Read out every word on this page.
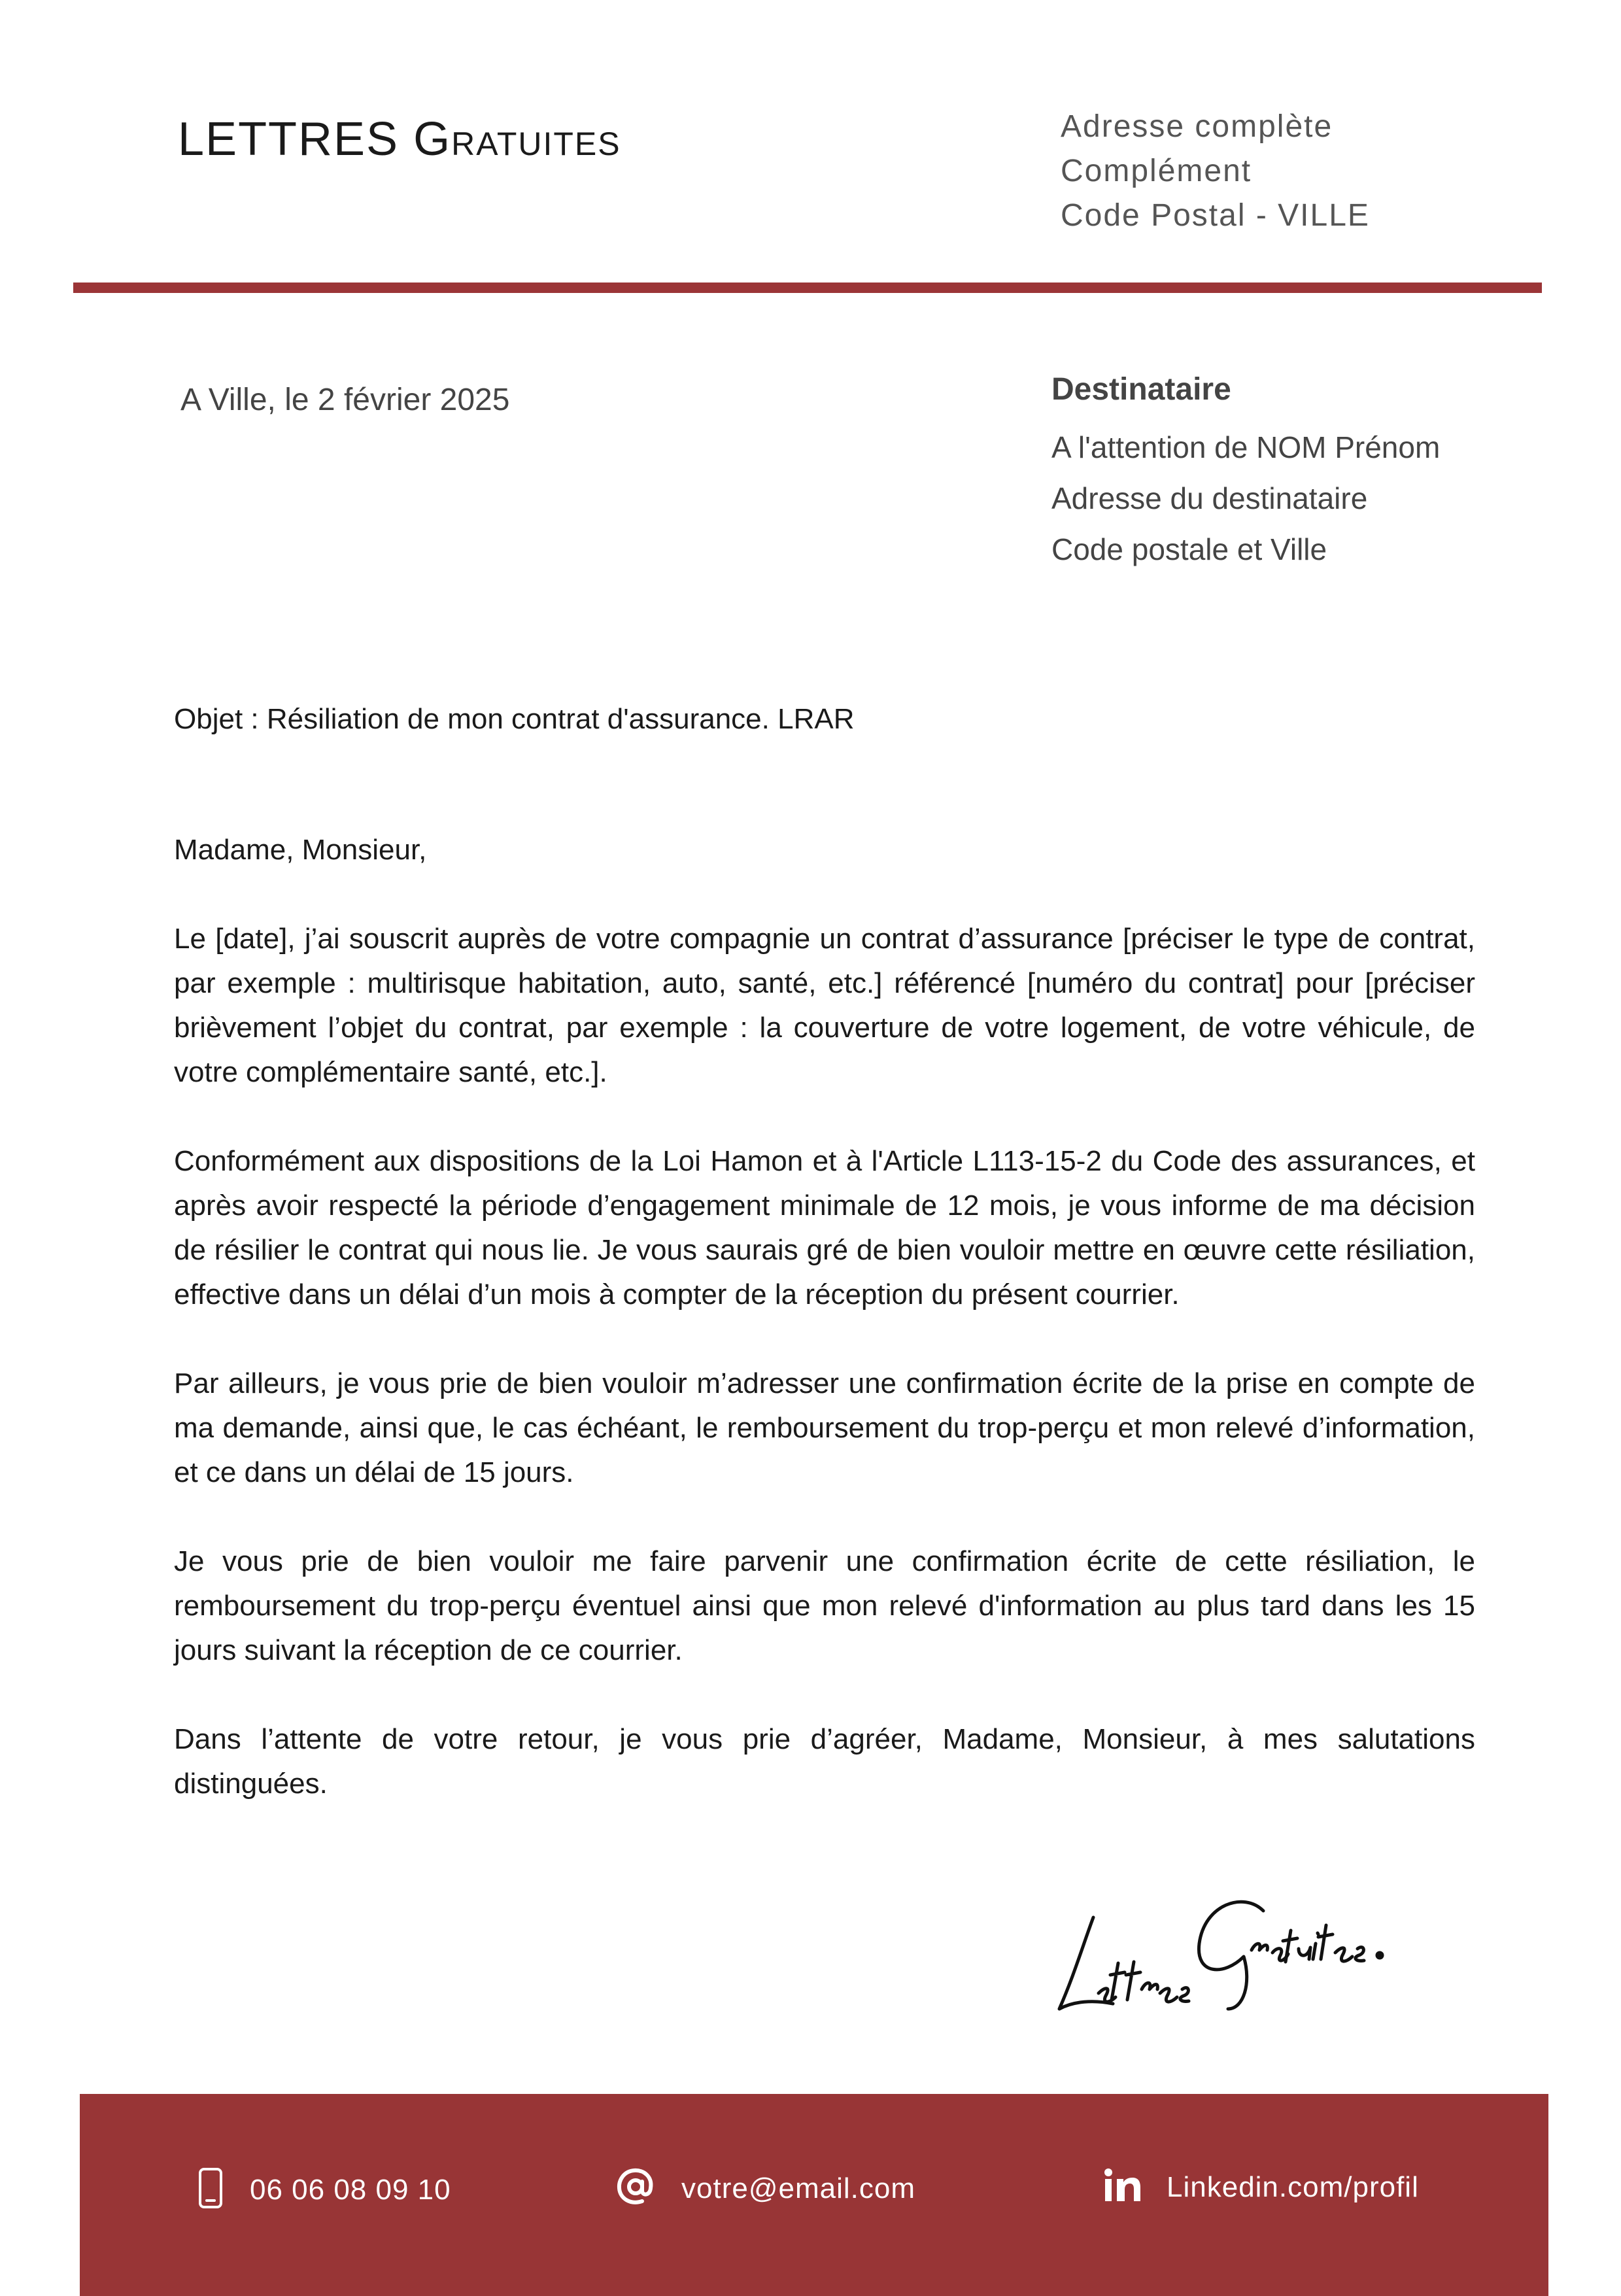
LETTRES Gratuites	Adresse complète
Complément
Code Postal - VILLE
A Ville, le 2 février 2025	Destinataire
A l'attention de NOM Prénom
Adresse du destinataire
Code postale et Ville

Objet : Résiliation de mon contrat d'assurance. LRAR

Madame, Monsieur,

Le [date], j’ai souscrit auprès de votre compagnie un contrat d’assurance [préciser le type de contrat, par exemple : multirisque habitation, auto, santé, etc.] référencé [numéro du contrat] pour [préciser brièvement l’objet du contrat, par exemple : la couverture de votre logement, de votre véhicule, de votre complémentaire santé, etc.].

Conformément aux dispositions de la Loi Hamon et à l'Article L113-15-2 du Code des assurances, et après avoir respecté la période d’engagement minimale de 12 mois, je vous informe de ma décision de résilier le contrat qui nous lie. Je vous saurais gré de bien vouloir mettre en œuvre cette résiliation, effective dans un délai d’un mois à compter de la réception du présent courrier.

Par ailleurs, je vous prie de bien vouloir m’adresser une confirmation écrite de la prise en compte de ma demande, ainsi que, le cas échéant, le remboursement du trop-perçu et mon relevé d’information, et ce dans un délai de 15 jours.

Je vous prie de bien vouloir me faire parvenir une confirmation écrite de cette résiliation, le remboursement du trop-perçu éventuel ainsi que mon relevé d'information au plus tard dans les 15 jours suivant la réception de ce courrier.

Dans l’attente de votre retour, je vous prie d’agréer, Madame, Monsieur, à mes salutations distinguées.

06 06 08 09 10	votre@email.com	Linkedin.com/profil
